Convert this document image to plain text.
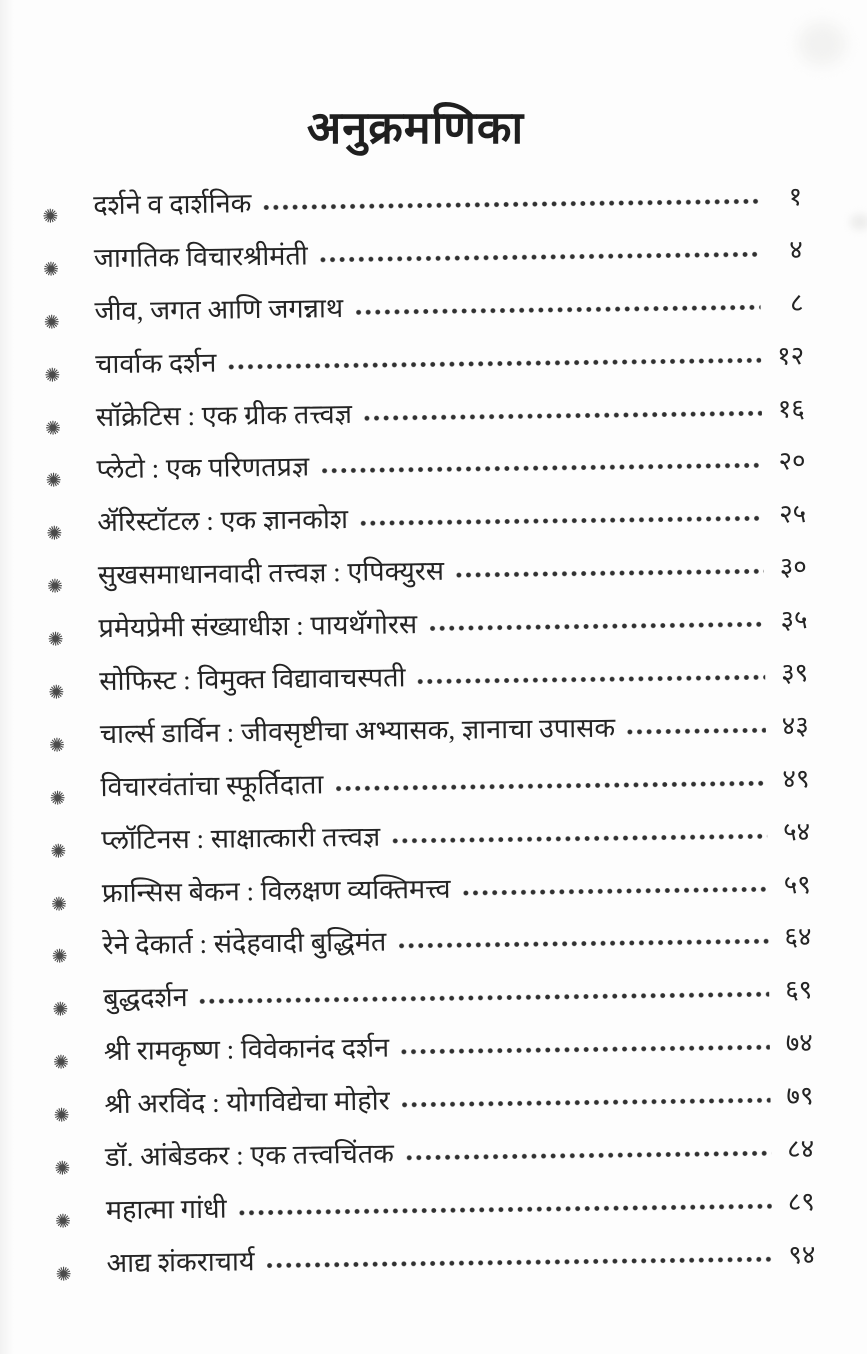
अनुक्रमणिका
✺ दर्शने व दार्शनिक	१
✺ जागतिक विचारश्रीमंती	४
✺ जीव, जगत आणि जगन्नाथ	८
✺ चार्वाक दर्शन	१२
✺ सॉक्रेटिस : एक ग्रीक तत्त्वज्ञ	१६
✺ प्लेटो : एक परिणतप्रज्ञ	२०
✺ ॲरिस्टॉटल : एक ज्ञानकोश	२५
✺ सुखसमाधानवादी तत्त्वज्ञ : एपिक्युरस	३०
✺ प्रमेयप्रेमी संख्याधीश : पायथॅगोरस	३५
✺ सोफिस्ट : विमुक्त विद्यावाचस्पती	३९
✺ चार्ल्स डार्विन : जीवसृष्टीचा अभ्यासक, ज्ञानाचा उपासक	४३
✺ विचारवंतांचा स्फूर्तिदाता	४९
✺ प्लॉटिनस : साक्षात्कारी तत्त्वज्ञ	५४
✺ फ्रान्सिस बेकन : विलक्षण व्यक्तिमत्त्व	५९
✺ रेने देकार्त : संदेहवादी बुद्धिमंत	६४
✺ बुद्धदर्शन	६९
✺ श्री रामकृष्ण : विवेकानंद दर्शन	७४
✺ श्री अरविंद : योगविद्येचा मोहोर	७९
✺ डॉ. आंबेडकर : एक तत्त्वचिंतक	८४
✺ महात्मा गांधी	८९
✺ आद्य शंकराचार्य	९४
